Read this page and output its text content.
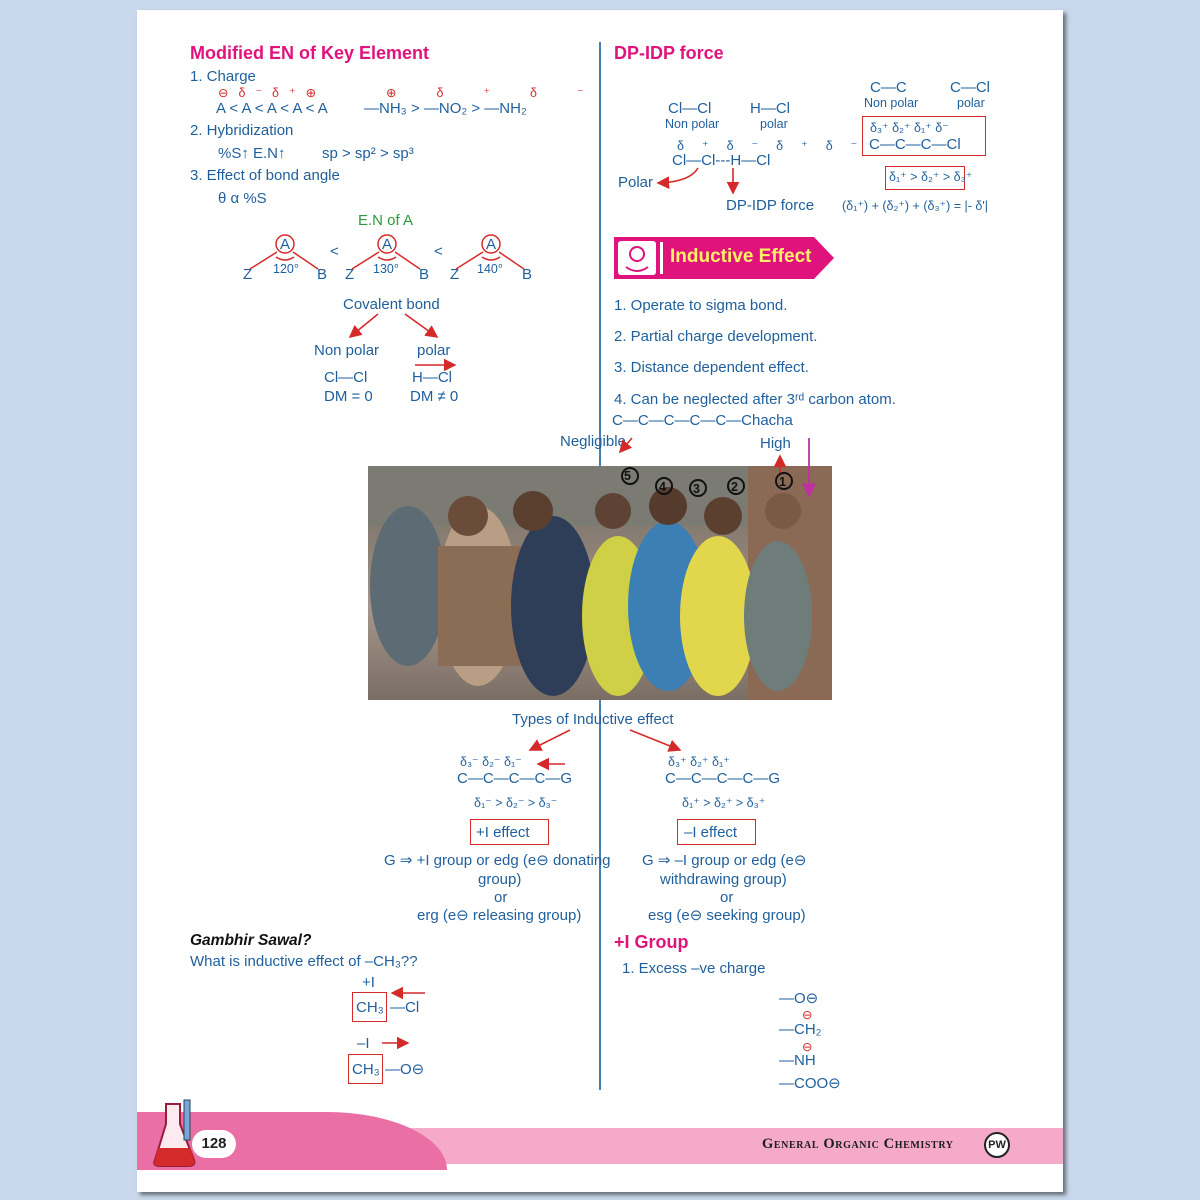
Modified EN of Key Element
1. Charge
⊖δ⁻δ⁺⊕
A < A < A < A < A
⊕δ⁺δ⁻
—NH₃ > —NO₂ > —NH₂
2. Hybridization
%S↑ E.N↑ sp > sp² > sp³
3. Effect of bond angle
θ α %S
E.N of A
Z
A
120° B
<
Z
A
130° B
<
Z
A
140° B
Covalent bond
Non polar	polar
Cl—Cl	H—Cl
DM = 0 DM ≠ 0
DP-IDP force
Cl—Cl	H—Cl
Non polar	polar
δ⁺δ⁻δ⁺δ⁻
Cl—Cl---H—Cl
Polar
DP-IDP force
C—C	C—Cl
Non polar	polar
δ₃⁺ δ₂⁺ δ₁⁺ δ⁻
C—C—C—Cl
δ₁⁺ > δ₂⁺ > δ₃⁺
(δ₁⁺) + (δ₂⁺) + (δ₃⁺) = |- δ'|
Inductive Effect
1. Operate to sigma bond.
2. Partial charge development.
3. Distance dependent effect.
4. Can be neglected after 3ʳᵈ carbon atom.
C—C—C—C—C—Chacha
Negligible	High
5
4 3 2	1
Types of Inductive effect
δ₃⁻ δ₂⁻ δ₁⁻
C—C—C—C—G
δ₁⁻ > δ₂⁻ > δ₃⁻
+I effect
G ⇒ +I group or edg (e⊖ donating
group)
or
erg (e⊖ releasing group)
δ₃⁺ δ₂⁺ δ₁⁺
C—C—C—C—G
δ₁⁺ > δ₂⁺ > δ₃⁺
–I effect
G ⇒ –I group or edg (e⊖
withdrawing group)
or
esg (e⊖ seeking group)
Gambhir Sawal?
What is inductive effect of –CH₃??
+I
CH₃ —Cl
–I
CH₃ —O⊖
+I Group
1. Excess –ve charge
—O⊖
⊖
—CH₂
⊖
—NH
—COO⊖
128	General Organic Chemistry	PW
